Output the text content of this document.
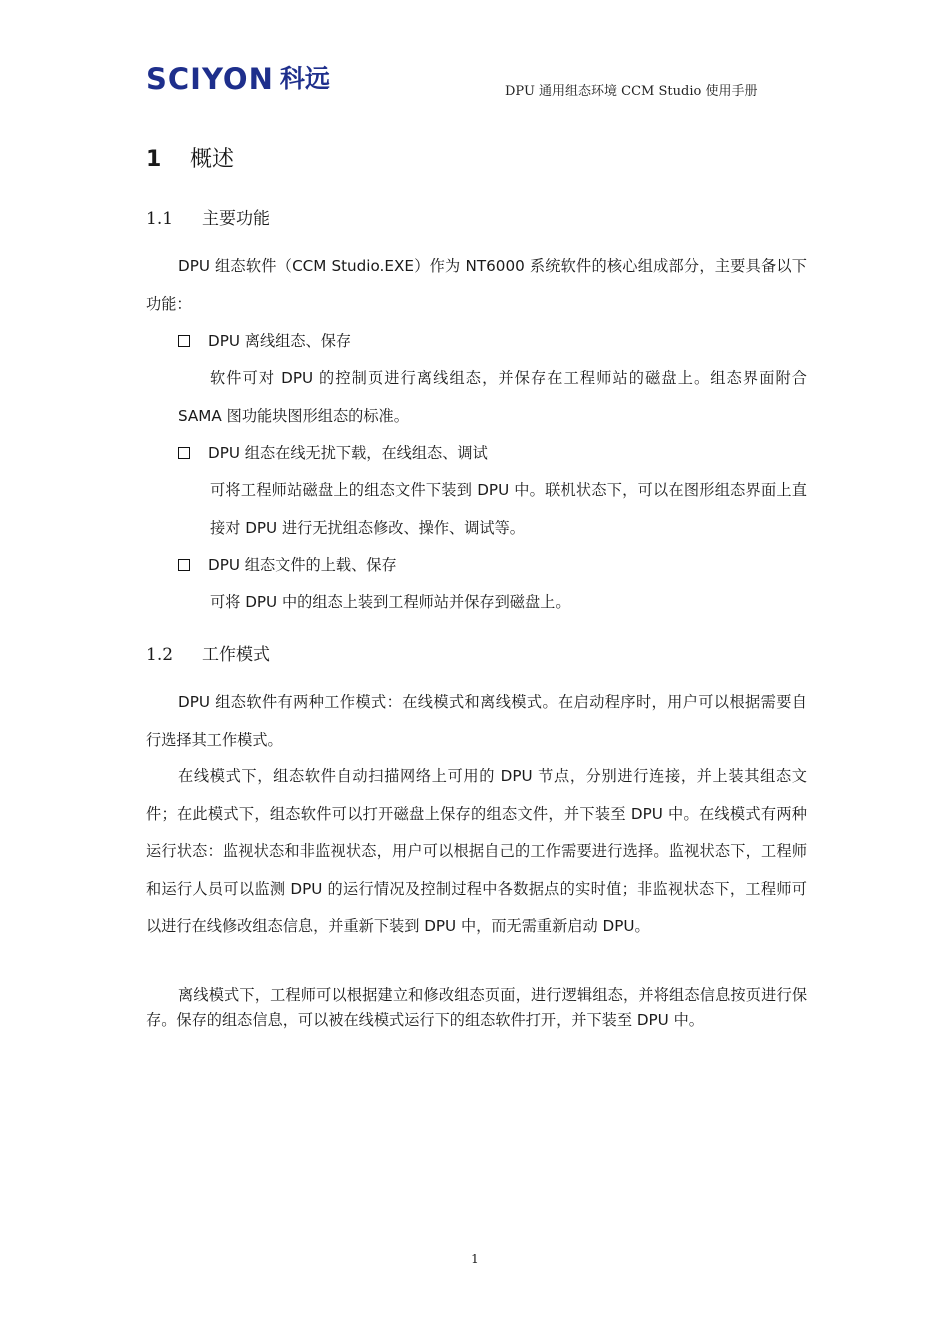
SCIYON 科远	DPU 通用组态环境 CCM Studio 使用手册
1 概述
1.1 主要功能
DPU 组态软件（CCM Studio.EXE）作为 NT6000 系统软件的核心组成部分，主要具备以下功能：
DPU 离线组态、保存
软件可对 DPU 的控制页进行离线组态，并保存在工程师站的磁盘上。组态界面附合 SAMA 图功能块图形组态的标准。
DPU 组态在线无扰下载，在线组态、调试
可将工程师站磁盘上的组态文件下装到 DPU 中。联机状态下，可以在图形组态界面上直接对 DPU 进行无扰组态修改、操作、调试等。
DPU 组态文件的上载、保存
可将 DPU 中的组态上装到工程师站并保存到磁盘上。
1.2 工作模式
DPU 组态软件有两种工作模式：在线模式和离线模式。在启动程序时，用户可以根据需要自行选择其工作模式。
在线模式下，组态软件自动扫描网络上可用的 DPU 节点，分别进行连接，并上装其组态文件；在此模式下，组态软件可以打开磁盘上保存的组态文件，并下装至 DPU 中。在线模式有两种运行状态：监视状态和非监视状态，用户可以根据自己的工作需要进行选择。监视状态下，工程师和运行人员可以监测 DPU 的运行情况及控制过程中各数据点的实时值；非监视状态下，工程师可以进行在线修改组态信息，并重新下装到 DPU 中，而无需重新启动 DPU。
离线模式下，工程师可以根据建立和修改组态页面，进行逻辑组态，并将组态信息按页进行保存。保存的组态信息，可以被在线模式运行下的组态软件打开，并下装至 DPU 中。
1
